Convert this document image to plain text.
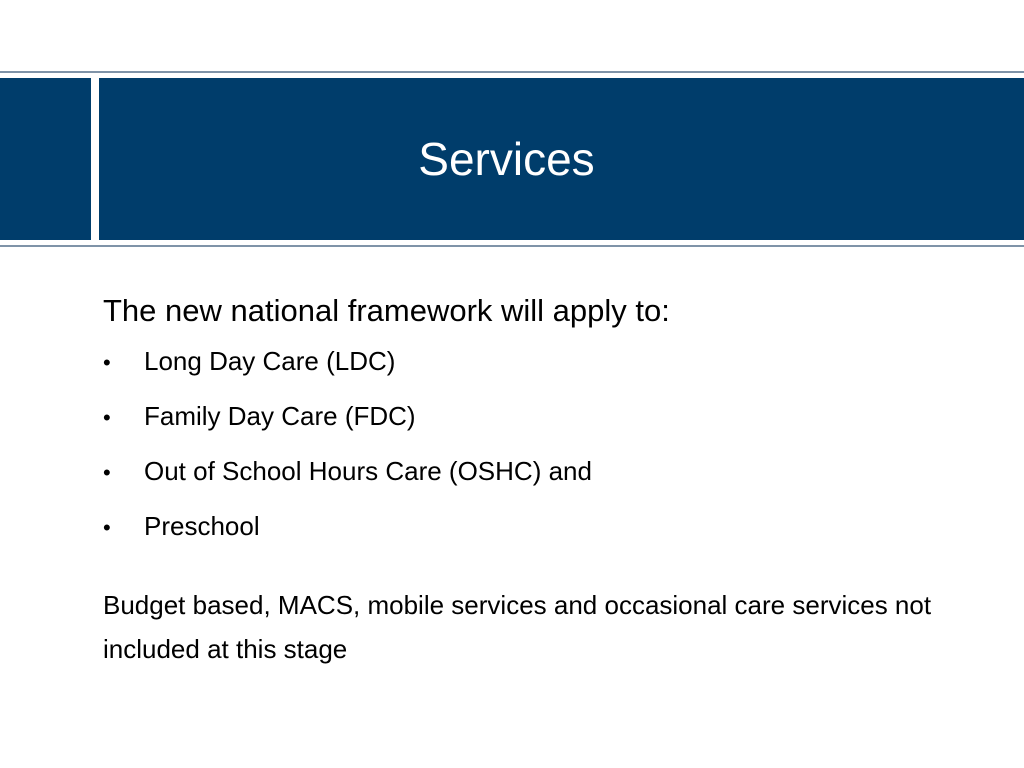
Services

The new national framework will apply to:

•	Long Day Care (LDC)
•	Family Day Care (FDC)
•	Out of School Hours Care (OSHC) and
•	Preschool

Budget based, MACS, mobile services and occasional care services not included at this stage
